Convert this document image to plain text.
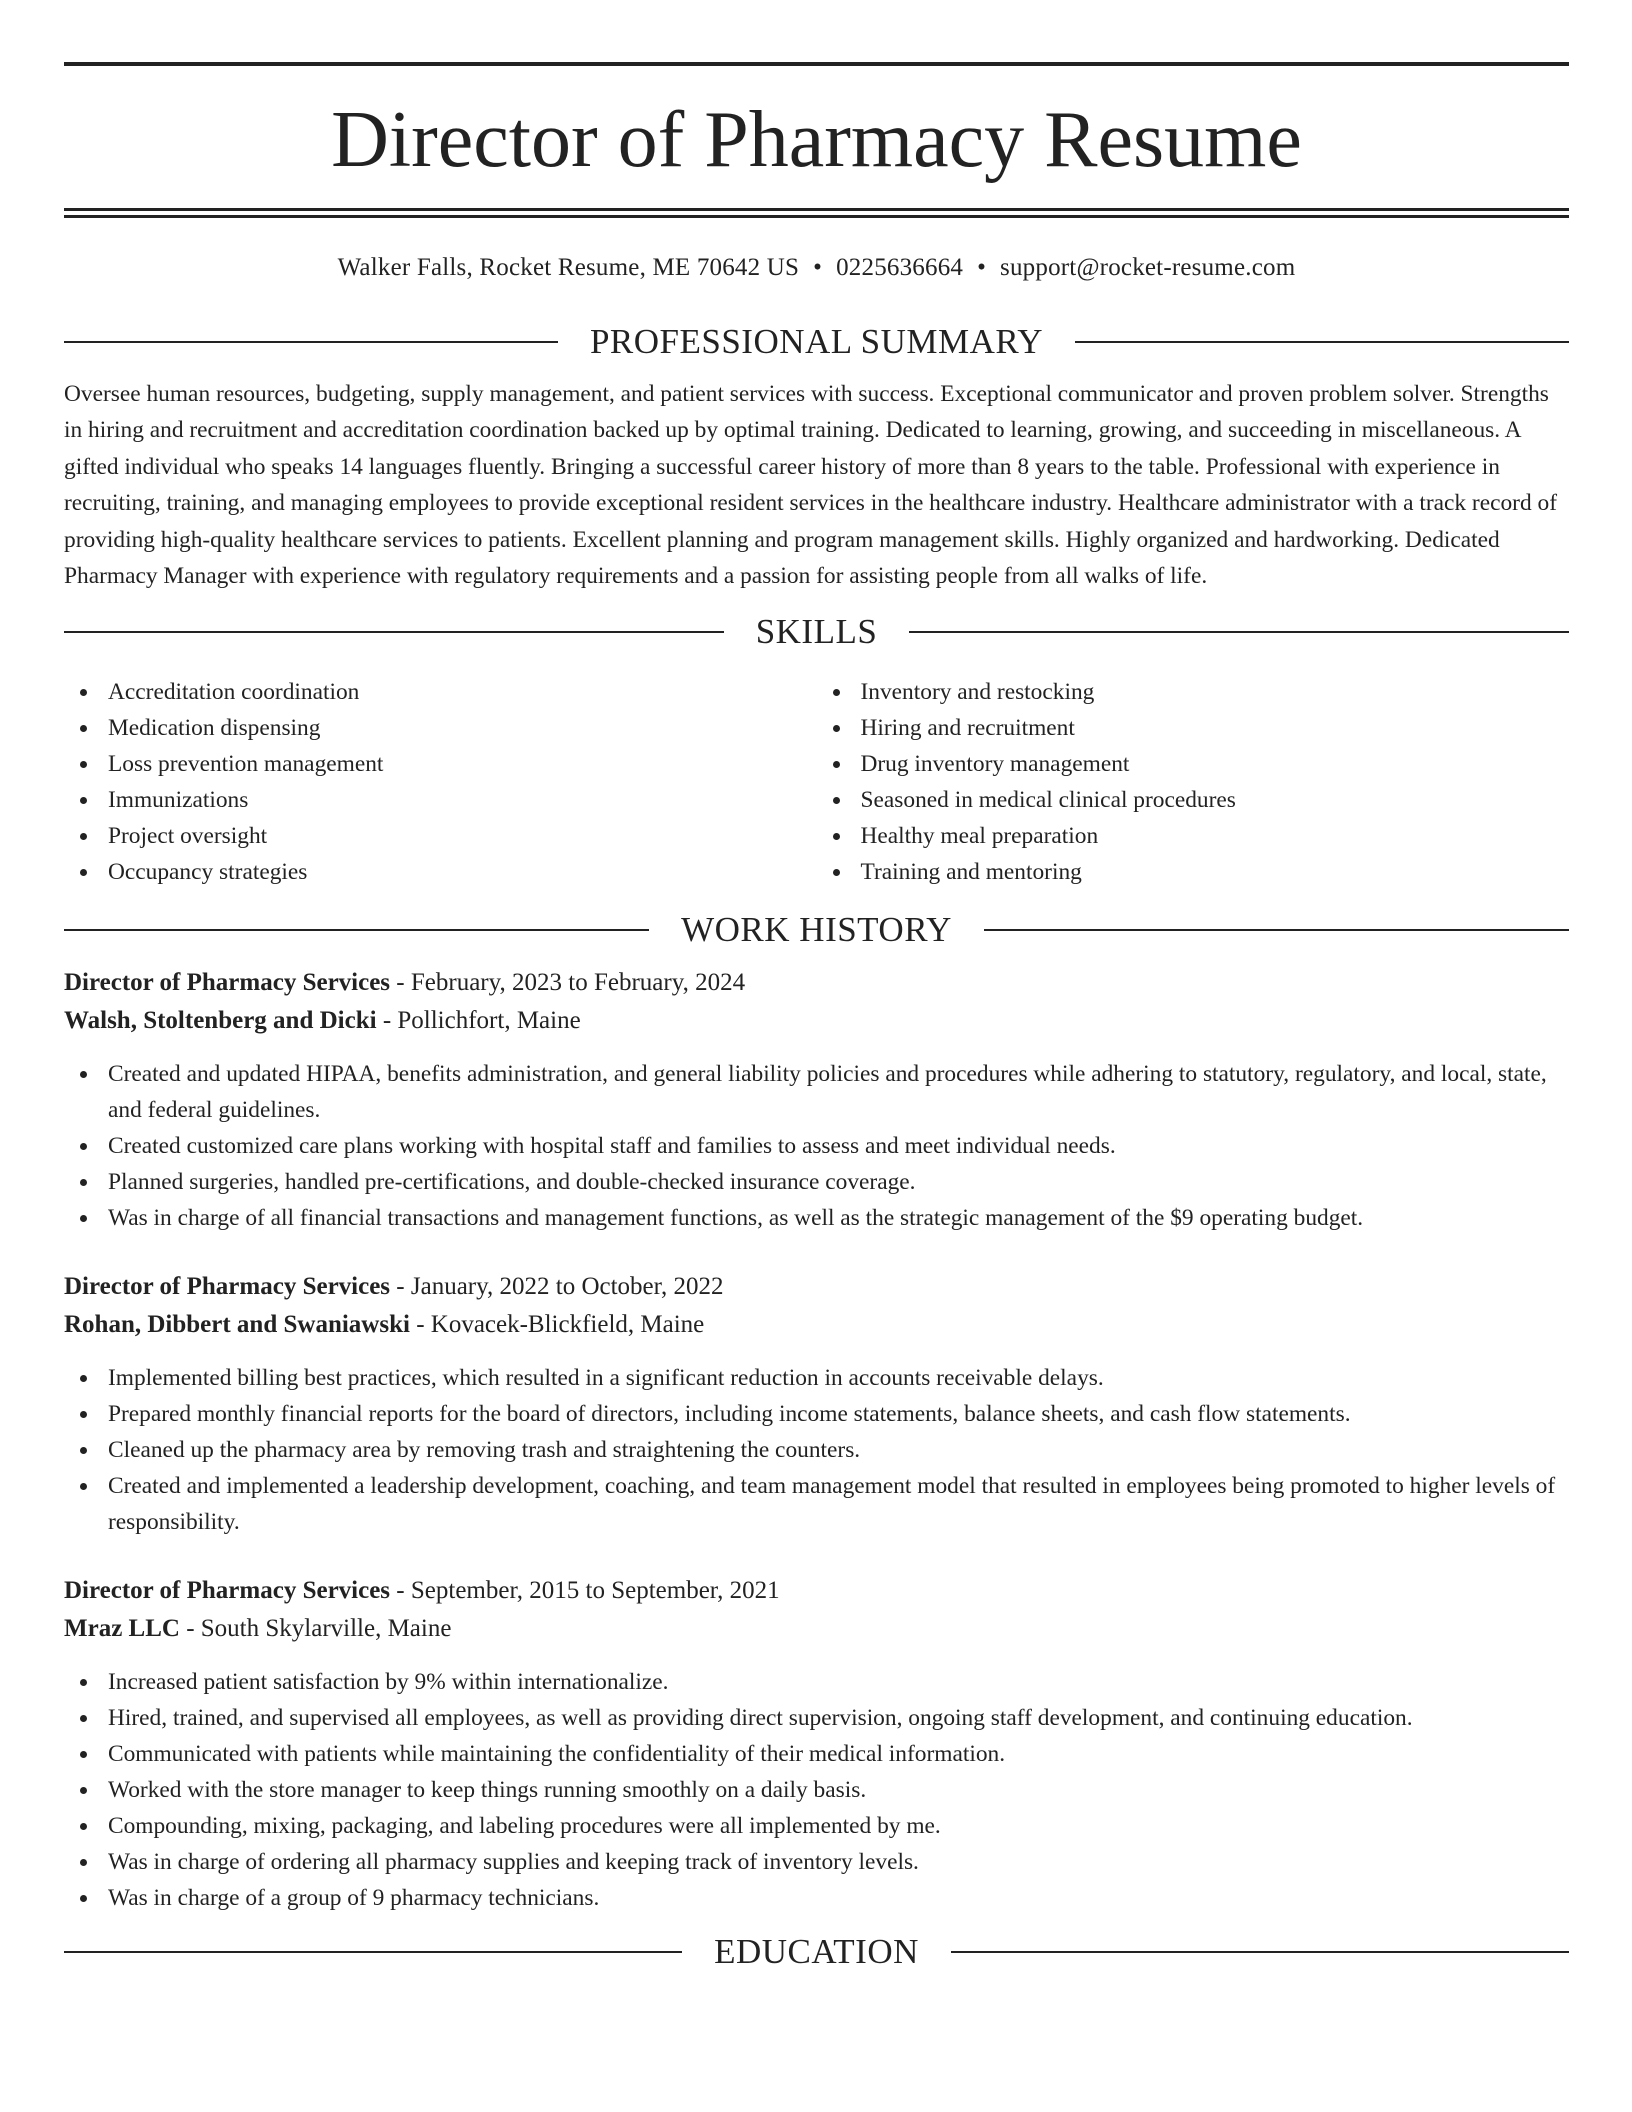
Director of Pharmacy Resume
Walker Falls, Rocket Resume, ME 70642 US • 0225636664 • support@rocket-resume.com
PROFESSIONAL SUMMARY

Oversee human resources, budgeting, supply management, and patient services with success. Exceptional communicator and proven problem solver. Strengths in hiring and recruitment and accreditation coordination backed up by optimal training. Dedicated to learning, growing, and succeeding in miscellaneous. A gifted individual who speaks 14 languages fluently. Bringing a successful career history of more than 8 years to the table. Professional with experience in recruiting, training, and managing employees to provide exceptional resident services in the healthcare industry. Healthcare administrator with a track record of providing high-quality healthcare services to patients. Excellent planning and program management skills. Highly organized and hardworking. Dedicated Pharmacy Manager with experience with regulatory requirements and a passion for assisting people from all walks of life.

SKILLS
Accreditation coordination
Medication dispensing
Loss prevention management
Immunizations
Project oversight
Occupancy strategies
Inventory and restocking
Hiring and recruitment
Drug inventory management
Seasoned in medical clinical procedures
Healthy meal preparation
Training and mentoring
WORK HISTORY
Director of Pharmacy Services - February, 2023 to February, 2024
Walsh, Stoltenberg and Dicki - Pollichfort, Maine
Created and updated HIPAA, benefits administration, and general liability policies and procedures while adhering to statutory, regulatory, and local, state, and federal guidelines.
Created customized care plans working with hospital staff and families to assess and meet individual needs.
Planned surgeries, handled pre-certifications, and double-checked insurance coverage.
Was in charge of all financial transactions and management functions, as well as the strategic management of the $9 operating budget.
Director of Pharmacy Services - January, 2022 to October, 2022
Rohan, Dibbert and Swaniawski - Kovacek-Blickfield, Maine
Implemented billing best practices, which resulted in a significant reduction in accounts receivable delays.
Prepared monthly financial reports for the board of directors, including income statements, balance sheets, and cash flow statements.
Cleaned up the pharmacy area by removing trash and straightening the counters.
Created and implemented a leadership development, coaching, and team management model that resulted in employees being promoted to higher levels of responsibility.
Director of Pharmacy Services - September, 2015 to September, 2021
Mraz LLC - South Skylarville, Maine
Increased patient satisfaction by 9% within internationalize.
Hired, trained, and supervised all employees, as well as providing direct supervision, ongoing staff development, and continuing education.
Communicated with patients while maintaining the confidentiality of their medical information.
Worked with the store manager to keep things running smoothly on a daily basis.
Compounding, mixing, packaging, and labeling procedures were all implemented by me.
Was in charge of ordering all pharmacy supplies and keeping track of inventory levels.
Was in charge of a group of 9 pharmacy technicians.
EDUCATION
